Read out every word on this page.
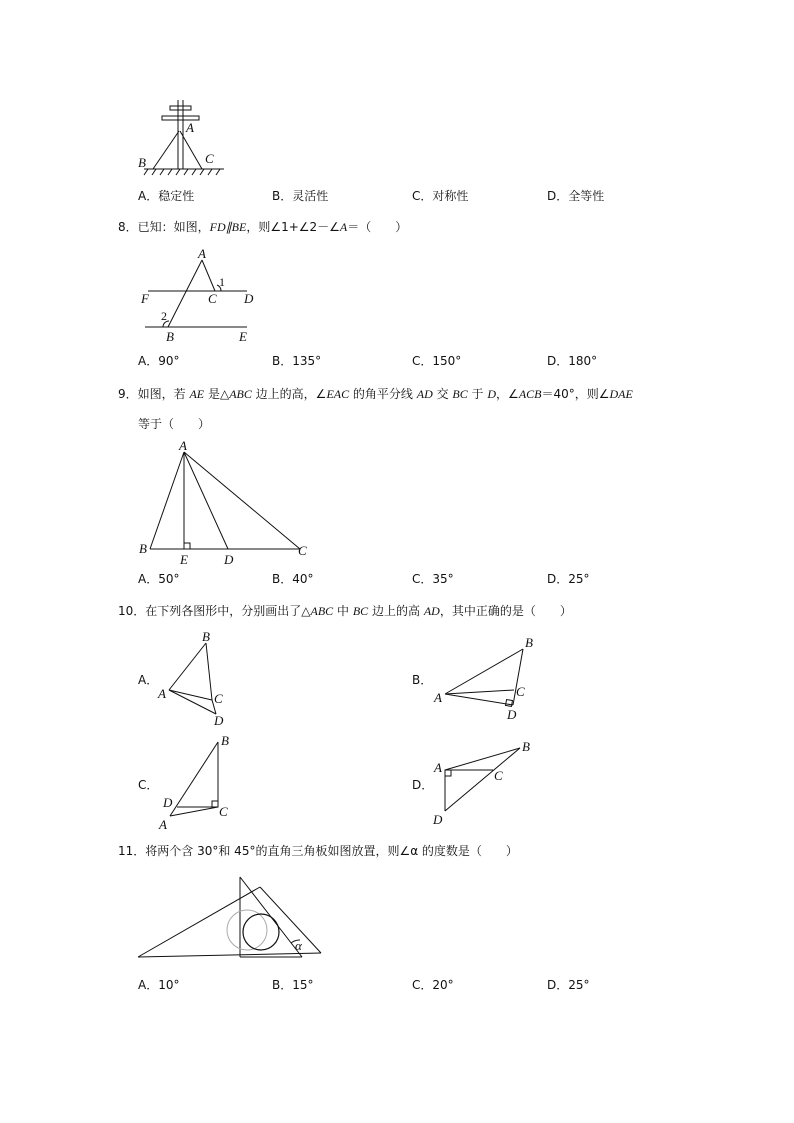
A
B	C
A．稳定性	B．灵活性	C．对称性	D．全等性
8．已知：如图，FD∥BE，则∠1+∠2－∠A＝（　　）
A
1
F	C D
2
B	E
A．90°	B．135°	C．150°	D．180°
9．如图，若 AE 是△ABC 边上的高，∠EAC 的角平分线 AD 交 BC 于 D，∠ACB＝40°，则∠DAE
等于（　　）
A
B
E	D
C
A．50°	B．40°	C．35°	D．25°
10．在下列各图形中，分别画出了△ABC 中 BC 边上的高 AD，其中正确的是（　　）
A．
B
A	C
D
B．
B
A	C
D
C．
B
D
C
A
D．
A
B
C
D
11．将两个含 30°和 45°的直角三角板如图放置，则∠α 的度数是（　　）
α
A．10°	B．15°	C．20°	D．25°
